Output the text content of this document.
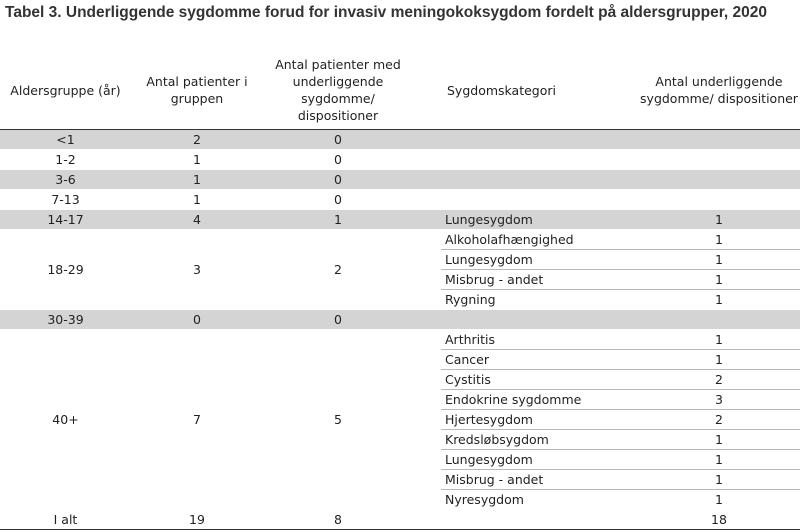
Tabel 3. Underliggende sygdomme forud for invasiv meningokoksygdom fordelt på aldersgrupper, 2020
Aldersgruppe (år)	Antal patienter i gruppen	Antal patienter med underliggende sygdomme/ dispositioner		Sygdomskategori	Antal underliggende sygdomme/ dispositioner
<1	2	0			
1-2	1	0			
3-6	1	0			
7-13	1	0			
14-17	4	1		Lungesygdom	1
18-29	3	2		Alkoholafhængighed	1
				Lungesygdom	1
				Misbrug - andet	1
				Rygning	1
30-39	0	0			
40+	7	5		Arthritis	1
				Cancer	1
				Cystitis	2
				Endokrine sygdomme	3
				Hjertesygdom	2
				Kredsløbsygdom	1
				Lungesygdom	1
				Misbrug - andet	1
				Nyresygdom	1
I alt	19	8			18
